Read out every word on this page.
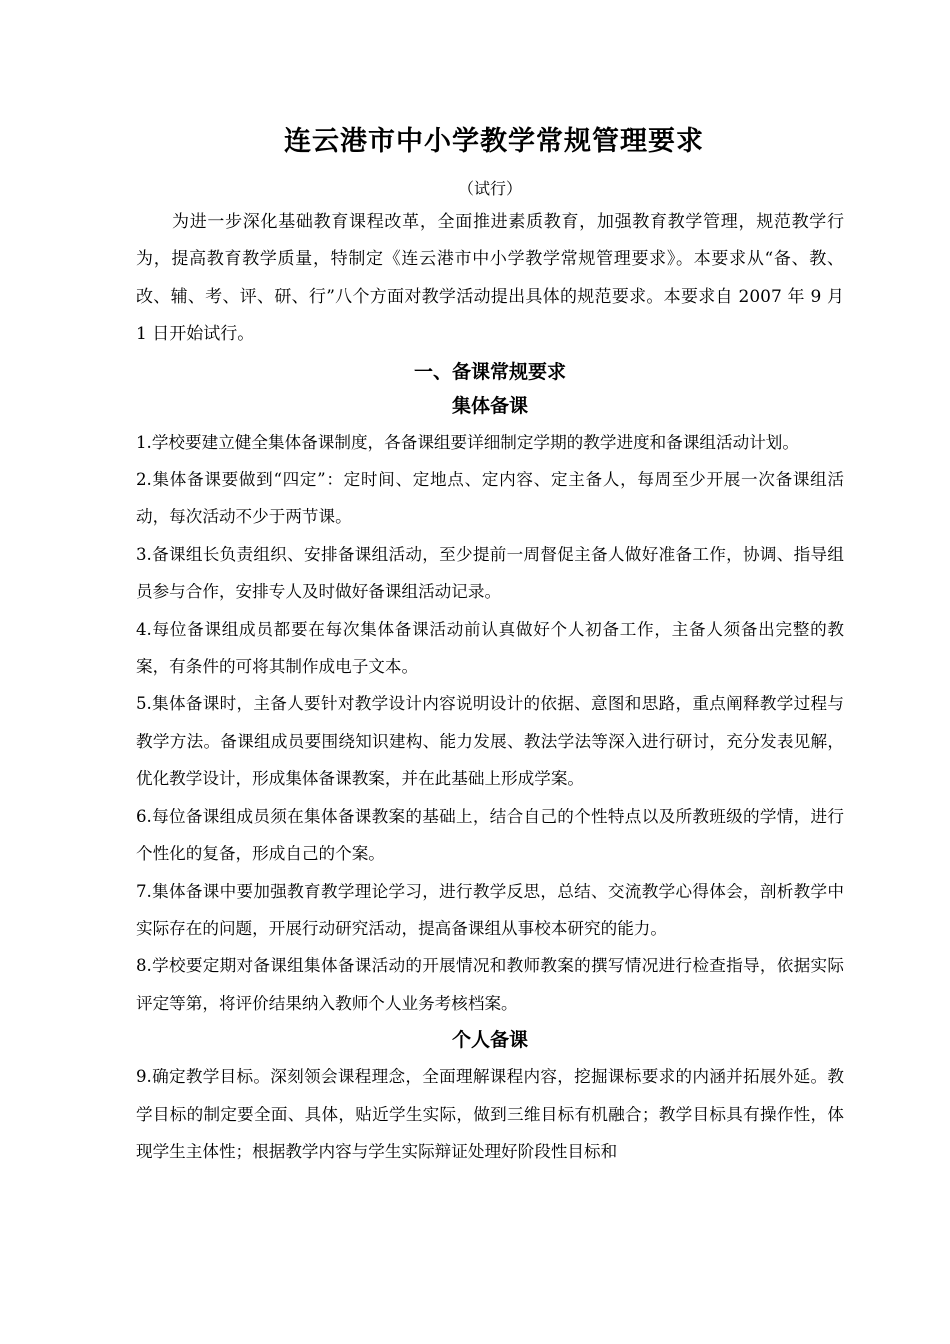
连云港市中小学教学常规管理要求
（试行）

为进一步深化基础教育课程改革，全面推进素质教育，加强教育教学管理，规范教学行为，提高教育教学质量，特制定《连云港市中小学教学常规管理要求》。本要求从“备、教、改、辅、考、评、研、行”八个方面对教学活动提出具体的规范要求。本要求自 2007 年 9 月 1 日开始试行。

一、备课常规要求
集体备课

1.学校要建立健全集体备课制度，各备课组要详细制定学期的教学进度和备课组活动计划。

2.集体备课要做到“四定”：定时间、定地点、定内容、定主备人，每周至少开展一次备课组活动，每次活动不少于两节课。

3.备课组长负责组织、安排备课组活动，至少提前一周督促主备人做好准备工作，协调、指导组员参与合作，安排专人及时做好备课组活动记录。

4.每位备课组成员都要在每次集体备课活动前认真做好个人初备工作，主备人须备出完整的教案，有条件的可将其制作成电子文本。

5.集体备课时，主备人要针对教学设计内容说明设计的依据、意图和思路，重点阐释教学过程与教学方法。备课组成员要围绕知识建构、能力发展、教法学法等深入进行研讨，充分发表见解，优化教学设计，形成集体备课教案，并在此基础上形成学案。

6.每位备课组成员须在集体备课教案的基础上，结合自己的个性特点以及所教班级的学情，进行个性化的复备，形成自己的个案。

7.集体备课中要加强教育教学理论学习，进行教学反思，总结、交流教学心得体会，剖析教学中实际存在的问题，开展行动研究活动，提高备课组从事校本研究的能力。

8.学校要定期对备课组集体备课活动的开展情况和教师教案的撰写情况进行检查指导，依据实际评定等第，将评价结果纳入教师个人业务考核档案。

个人备课

9.确定教学目标。深刻领会课程理念，全面理解课程内容，挖掘课标要求的内涵并拓展外延。教学目标的制定要全面、具体，贴近学生实际，做到三维目标有机融合；教学目标具有操作性，体现学生主体性；根据教学内容与学生实际辩证处理好阶段性目标和
